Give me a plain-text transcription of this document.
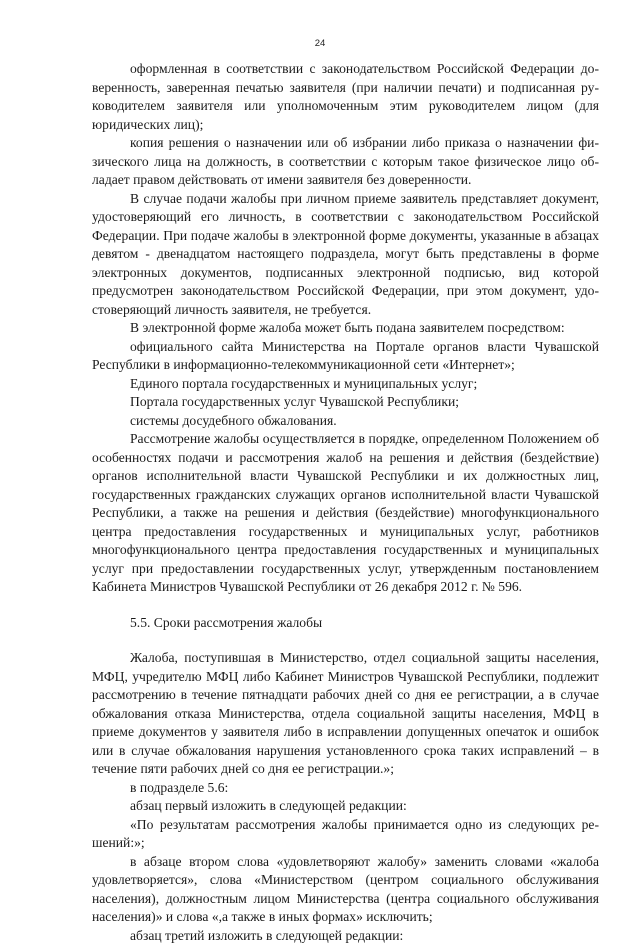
24

оформленная в соответствии с законодательством Российской Федерации доверенность, заверенная печатью заявителя (при наличии печати) и подписанная руководителем заявителя или уполномоченным этим руководителем лицом (для юридических лиц);

копия решения о назначении или об избрании либо приказа о назначении физического лица на должность, в соответствии с которым такое физическое лицо обладает правом действовать от имени заявителя без доверенности.

В случае подачи жалобы при личном приеме заявитель представляет документ, удостоверяющий его личность, в соответствии с законодательством Российской Федерации. При подаче жалобы в электронной форме документы, указанные в абзацах девятом - двенадцатом настоящего подраздела, могут быть представлены в форме электронных документов, подписанных электронной подписью, вид которой предусмотрен законодательством Российской Федерации, при этом документ, удостоверяющий личность заявителя, не требуется.

В электронной форме жалоба может быть подана заявителем посредством:

официального сайта Министерства на Портале органов власти Чувашской Республики в информационно-телекоммуникационной сети «Интернет»;

Единого портала государственных и муниципальных услуг;

Портала государственных услуг Чувашской Республики;

системы досудебного обжалования.

Рассмотрение жалобы осуществляется в порядке, определенном Положением об особенностях подачи и рассмотрения жалоб на решения и действия (бездействие) органов исполнительной власти Чувашской Республики и их должностных лиц, государственных гражданских служащих органов исполнительной власти Чувашской Республики, а также на решения и действия (бездействие) многофункционального центра предоставления государственных и муниципальных услуг, работников многофункционального центра предоставления государственных и муниципальных услуг при предоставлении государственных услуг, утвержденным постановлением Кабинета Министров Чувашской Республики от 26 декабря 2012 г. № 596.

5.5. Сроки рассмотрения жалобы

Жалоба, поступившая в Министерство, отдел социальной защиты населения, МФЦ, учредителю МФЦ либо Кабинет Министров Чувашской Республики, подлежит рассмотрению в течение пятнадцати рабочих дней со дня ее регистрации, а в случае обжалования отказа Министерства, отдела социальной защиты населения, МФЦ в приеме документов у заявителя либо в исправлении допущенных опечаток и ошибок или в случае обжалования нарушения установленного срока таких исправлений – в течение пяти рабочих дней со дня ее регистрации.»;

в подразделе 5.6:

абзац первый изложить в следующей редакции:

«По результатам рассмотрения жалобы принимается одно из следующих решений:»;

в абзаце втором слова «удовлетворяют жалобу» заменить словами «жалоба удовлетворяется», слова «Министерством (центром социального обслуживания населения), должностным лицом Министерства (центра социального обслуживания населения)» и слова «,а также в иных формах» исключить;

абзац третий изложить в следующей редакции:
